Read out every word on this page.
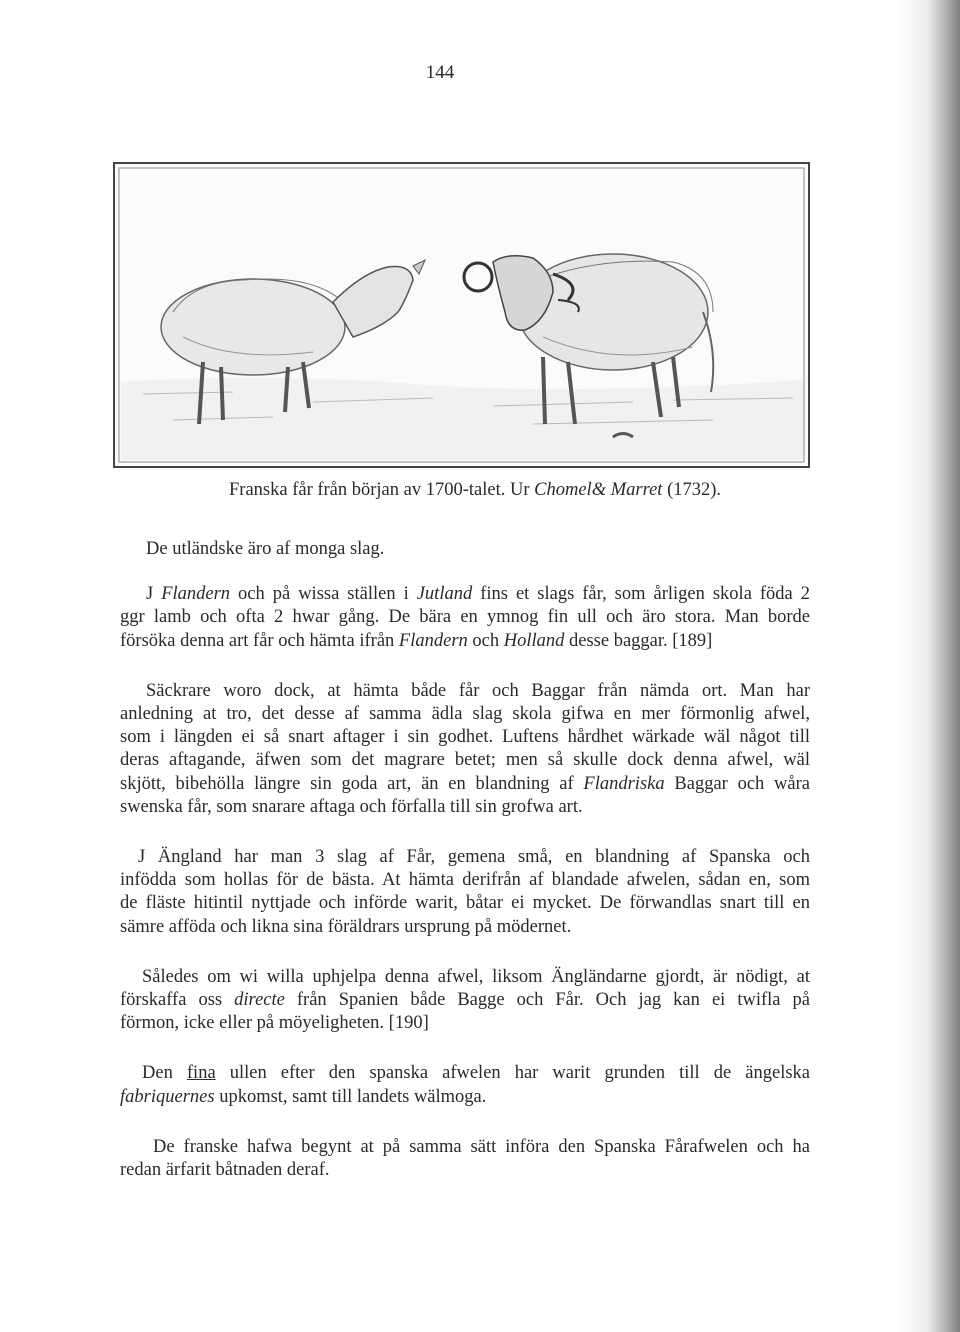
144
Franska får från början av 1700-talet. Ur Chomel& Marret (1732).

De utländske äro af monga slag.

J Flandern och på wissa ställen i Jutland fins et slags får, som årligen skola föda 2

ggr lamb och ofta 2 hwar gång. De bära en ymnog fin ull och äro stora. Man borde
försöka denna art får och hämta ifrån Flandern och Holland desse baggar. [189]

Säckrare woro dock, at hämta både får och Baggar från nämda ort. Man har

anledning at tro, det desse af samma ädla slag skola gifwa en mer förmonlig afwel,
som i längden ei så snart aftager i sin godhet. Luftens hårdhet wärkade wäl något till
deras aftagande, äfwen som det magrare betet; men så skulle dock denna afwel, wäl
skjött, bibehölla längre sin goda art, än en blandning af Flandriska Baggar och wåra
swenska får, som snarare aftaga och förfalla till sin grofwa art.

J Ängland har man 3 slag af Får, gemena små, en blandning af Spanska och

infödda som hollas för de bästa. At hämta derifrån af blandade afwelen, sådan en, som
de fläste hitintil nyttjade och införde warit, båtar ei mycket. De förwandlas snart till en
sämre afföda och likna sina föräldrars ursprung på mödernet.

Således om wi willa uphjelpa denna afwel, liksom Ängländarne gjordt, är nödigt, at

förskaffa oss directe från Spanien både Bagge och Får. Och jag kan ei twifla på
förmon, icke eller på möyeligheten. [190]

Den fina ullen efter den spanska afwelen har warit grunden till de ängelska

fabriquernes upkomst, samt till landets wälmoga.

De franske hafwa begynt at på samma sätt införa den Spanska Fårafwelen och ha

redan ärfarit båtnaden deraf.
